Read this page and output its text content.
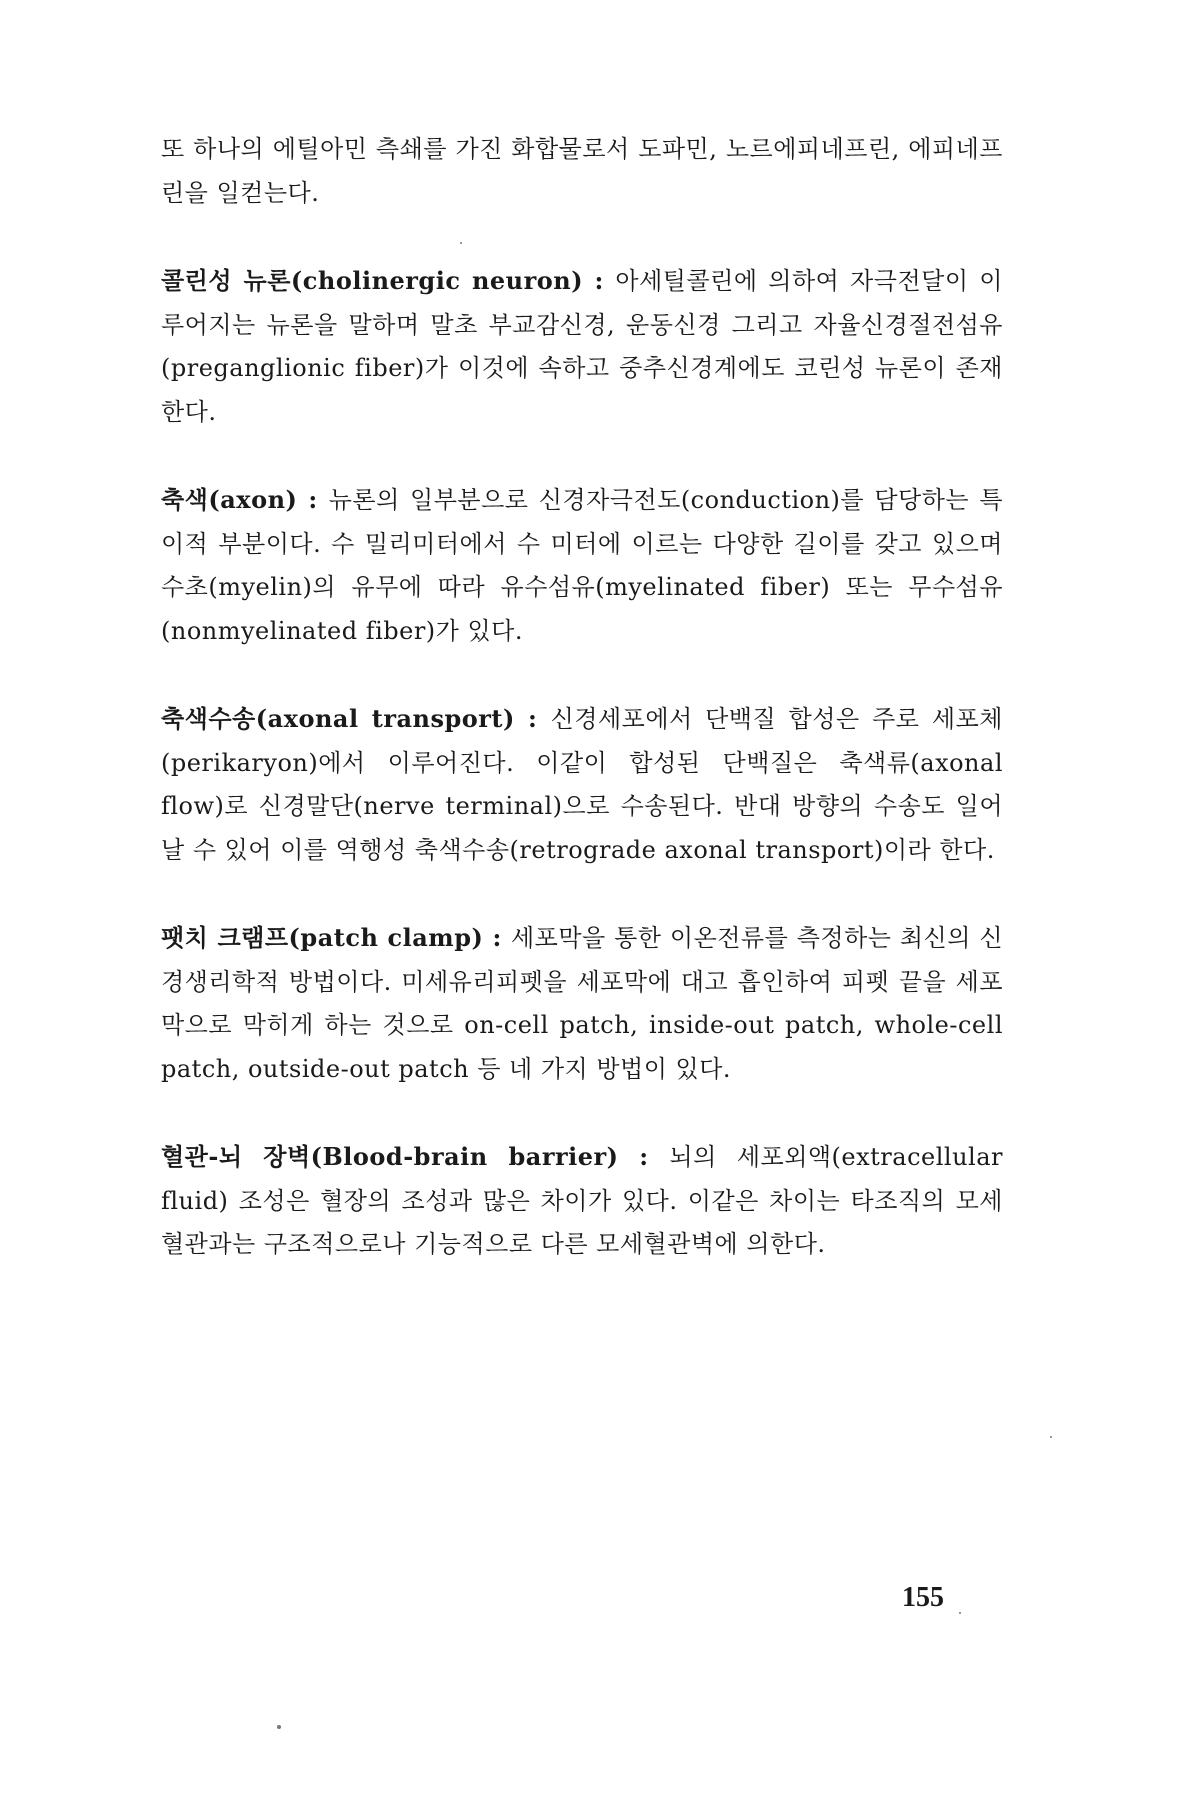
또 하나의 에틸아민 측쇄를 가진 화합물로서 도파민, 노르에피네프린, 에피네프린을 일컫는다.

콜린성 뉴론(cholinergic neuron) : 아세틸콜린에 의하여 자극전달이 이루어지는 뉴론을 말하며 말초 부교감신경, 운동신경 그리고 자율신경절전섬유(preganglionic fiber)가 이것에 속하고 중추신경계에도 코린성 뉴론이 존재한다.

축색(axon) : 뉴론의 일부분으로 신경자극전도(conduction)를 담당하는 특이적 부분이다. 수 밀리미터에서 수 미터에 이르는 다양한 길이를 갖고 있으며 수초(myelin)의 유무에 따라 유수섬유(myelinated fiber) 또는 무수섬유(nonmyelinated fiber)가 있다.

축색수송(axonal transport) : 신경세포에서 단백질 합성은 주로 세포체(perikaryon)에서 이루어진다. 이같이 합성된 단백질은 축색류(axonal flow)로 신경말단(nerve terminal)으로 수송된다. 반대 방향의 수송도 일어날 수 있어 이를 역행성 축색수송(retrograde axonal transport)이라 한다.

팻치 크램프(patch clamp) : 세포막을 통한 이온전류를 측정하는 최신의 신경생리학적 방법이다. 미세유리피펫을 세포막에 대고 흡인하여 피펫 끝을 세포막으로 막히게 하는 것으로 on-cell patch, inside-out patch, whole-cell patch, outside-out patch 등 네 가지 방법이 있다.

혈관-뇌 장벽(Blood-brain barrier) : 뇌의 세포외액(extracellular fluid) 조성은 혈장의 조성과 많은 차이가 있다. 이같은 차이는 타조직의 모세혈관과는 구조적으로나 기능적으로 다른 모세혈관벽에 의한다.

155
